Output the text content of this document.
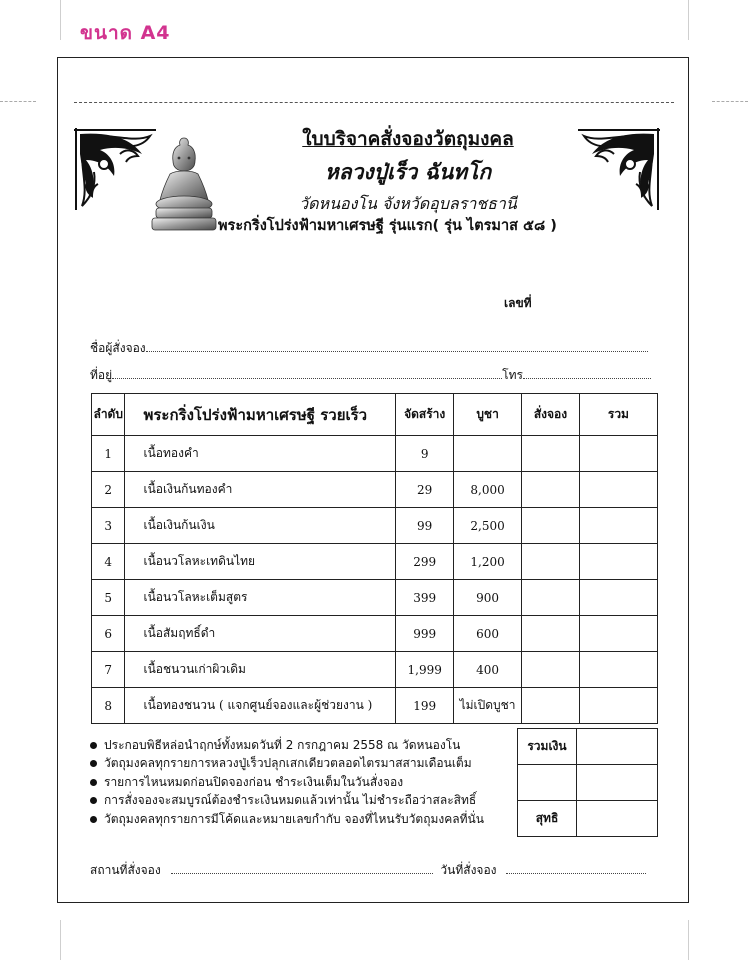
ขนาด A4

ใบบริจาคสั่งจองวัตถุมงคล

หลวงปู่เร็ว ฉันทโก

วัดหนองโน จังหวัดอุบลราชธานี

พระกริ่งโปร่งฟ้ามหาเศรษฐี รุ่นแรก( รุ่น ไตรมาส ๕๘ )
เลขที่
ชื่อผู้สั่งจอง
ที่อยู่	โทร
ลำดับ	พระกริ่งโปร่งฟ้ามหาเศรษฐี รวยเร็ว	จัดสร้าง	บูชา	สั่งจอง	รวม
1	เนื้อทองคำ	9			
2	เนื้อเงินก้นทองคำ	29	8,000		
3	เนื้อเงินก้นเงิน	99	2,500		
4	เนื้อนวโลหะเทดินไทย	299	1,200		
5	เนื้อนวโลหะเต็มสูตร	399	900		
6	เนื้อสัมฤทธิ์ดำ	999	600		
7	เนื้อชนวนเก่าผิวเดิม	1,999	400		
8	เนื้อทองชนวน ( แจกศูนย์จองและผู้ช่วยงาน )	199	ไม่เปิดบูชา		
ประกอบพิธีหล่อนำฤกษ์ทั้งหมดวันที่ 2 กรกฎาคม 2558 ณ วัดหนองโน
วัตถุมงคลทุกรายการหลวงปู่เร็วปลุกเสกเดียวตลอดไตรมาสสามเดือนเต็ม
รายการไหนหมดก่อนปิดจองก่อน ชำระเงินเต็มในวันสั่งจอง
การสั่งจองจะสมบูรณ์ต้องชำระเงินหมดแล้วเท่านั้น ไม่ชำระถือว่าสละสิทธิ์
วัตถุมงคลทุกรายการมีโค้ดและหมายเลขกำกับ จองที่ไหนรับวัตถุมงคลที่นั่น
รวมเงิน	

สุทธิ	
สถานที่สั่งจอง	วันที่สั่งจอง
